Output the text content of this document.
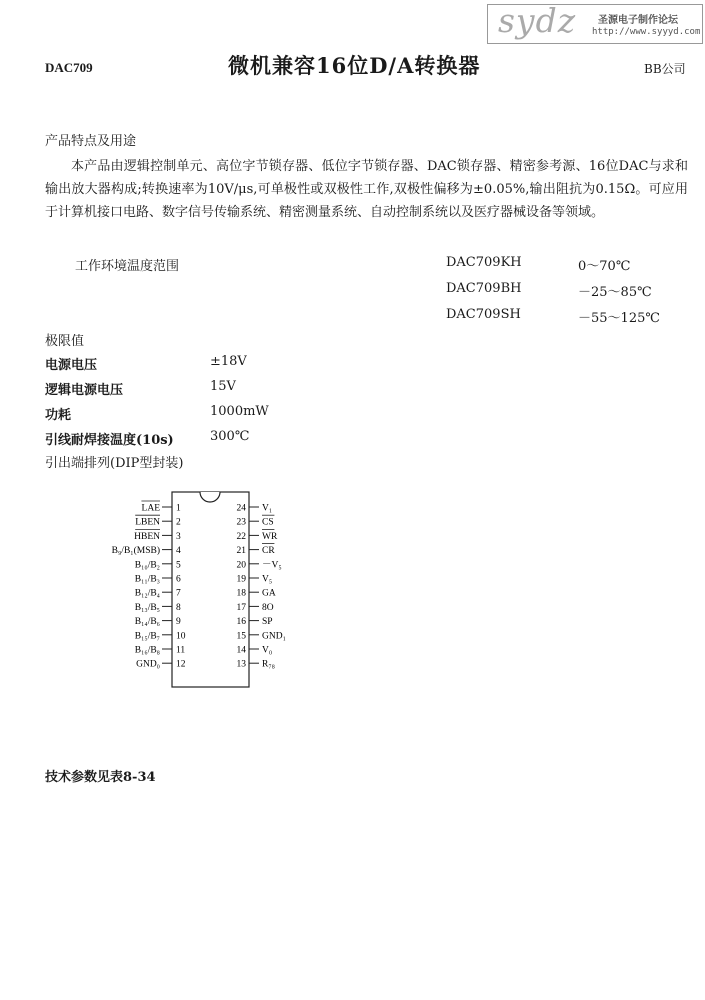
DAC709	微机兼容16位D/A转换器	BB公司
sydz 圣源电子制作论坛
http://www.syyyd.com
产品特点及用途

本产品由逻辑控制单元、高位字节锁存器、低位字节锁存器、DAC锁存器、精密参考源、16位DAC与求和输出放大器构成;转换速率为10V/μs,可单极性或双极性工作,双极性偏移为±0.05%,输出阻抗为0.15Ω。可应用于计算机接口电路、数字信号传输系统、精密测量系统、自动控制系统以及医疗器械设备等领域。

工作环境温度范围	DAC709KH	0～70℃
DAC709BH	－25～85℃
DAC709SH	－55～125℃
极限值
电源电压	±18V
逻辑电源电压	15V
功耗	1000mW
引线耐焊接温度(10s)	300℃
引出端排列(DIP型封装)
1
LAE
2
LBEN
3
HBEN
4
B₉/B₁(MSB)
5
B₁₀/B₂
6
B₁₁/B₃
7
B₁₂/B₄
8
B₁₃/B₅
9
B₁₄/B₆
10
B₁₅/B₇
11
B₁₆/B₈
12
GND₀
24 V₁
23 CS
22 WR
21 CR
20 －V₅
19 V₅
18 GA
17 8O
16 SP
15 GND₁
14 V₀
13 R₇₈
技术参数见表8-34
